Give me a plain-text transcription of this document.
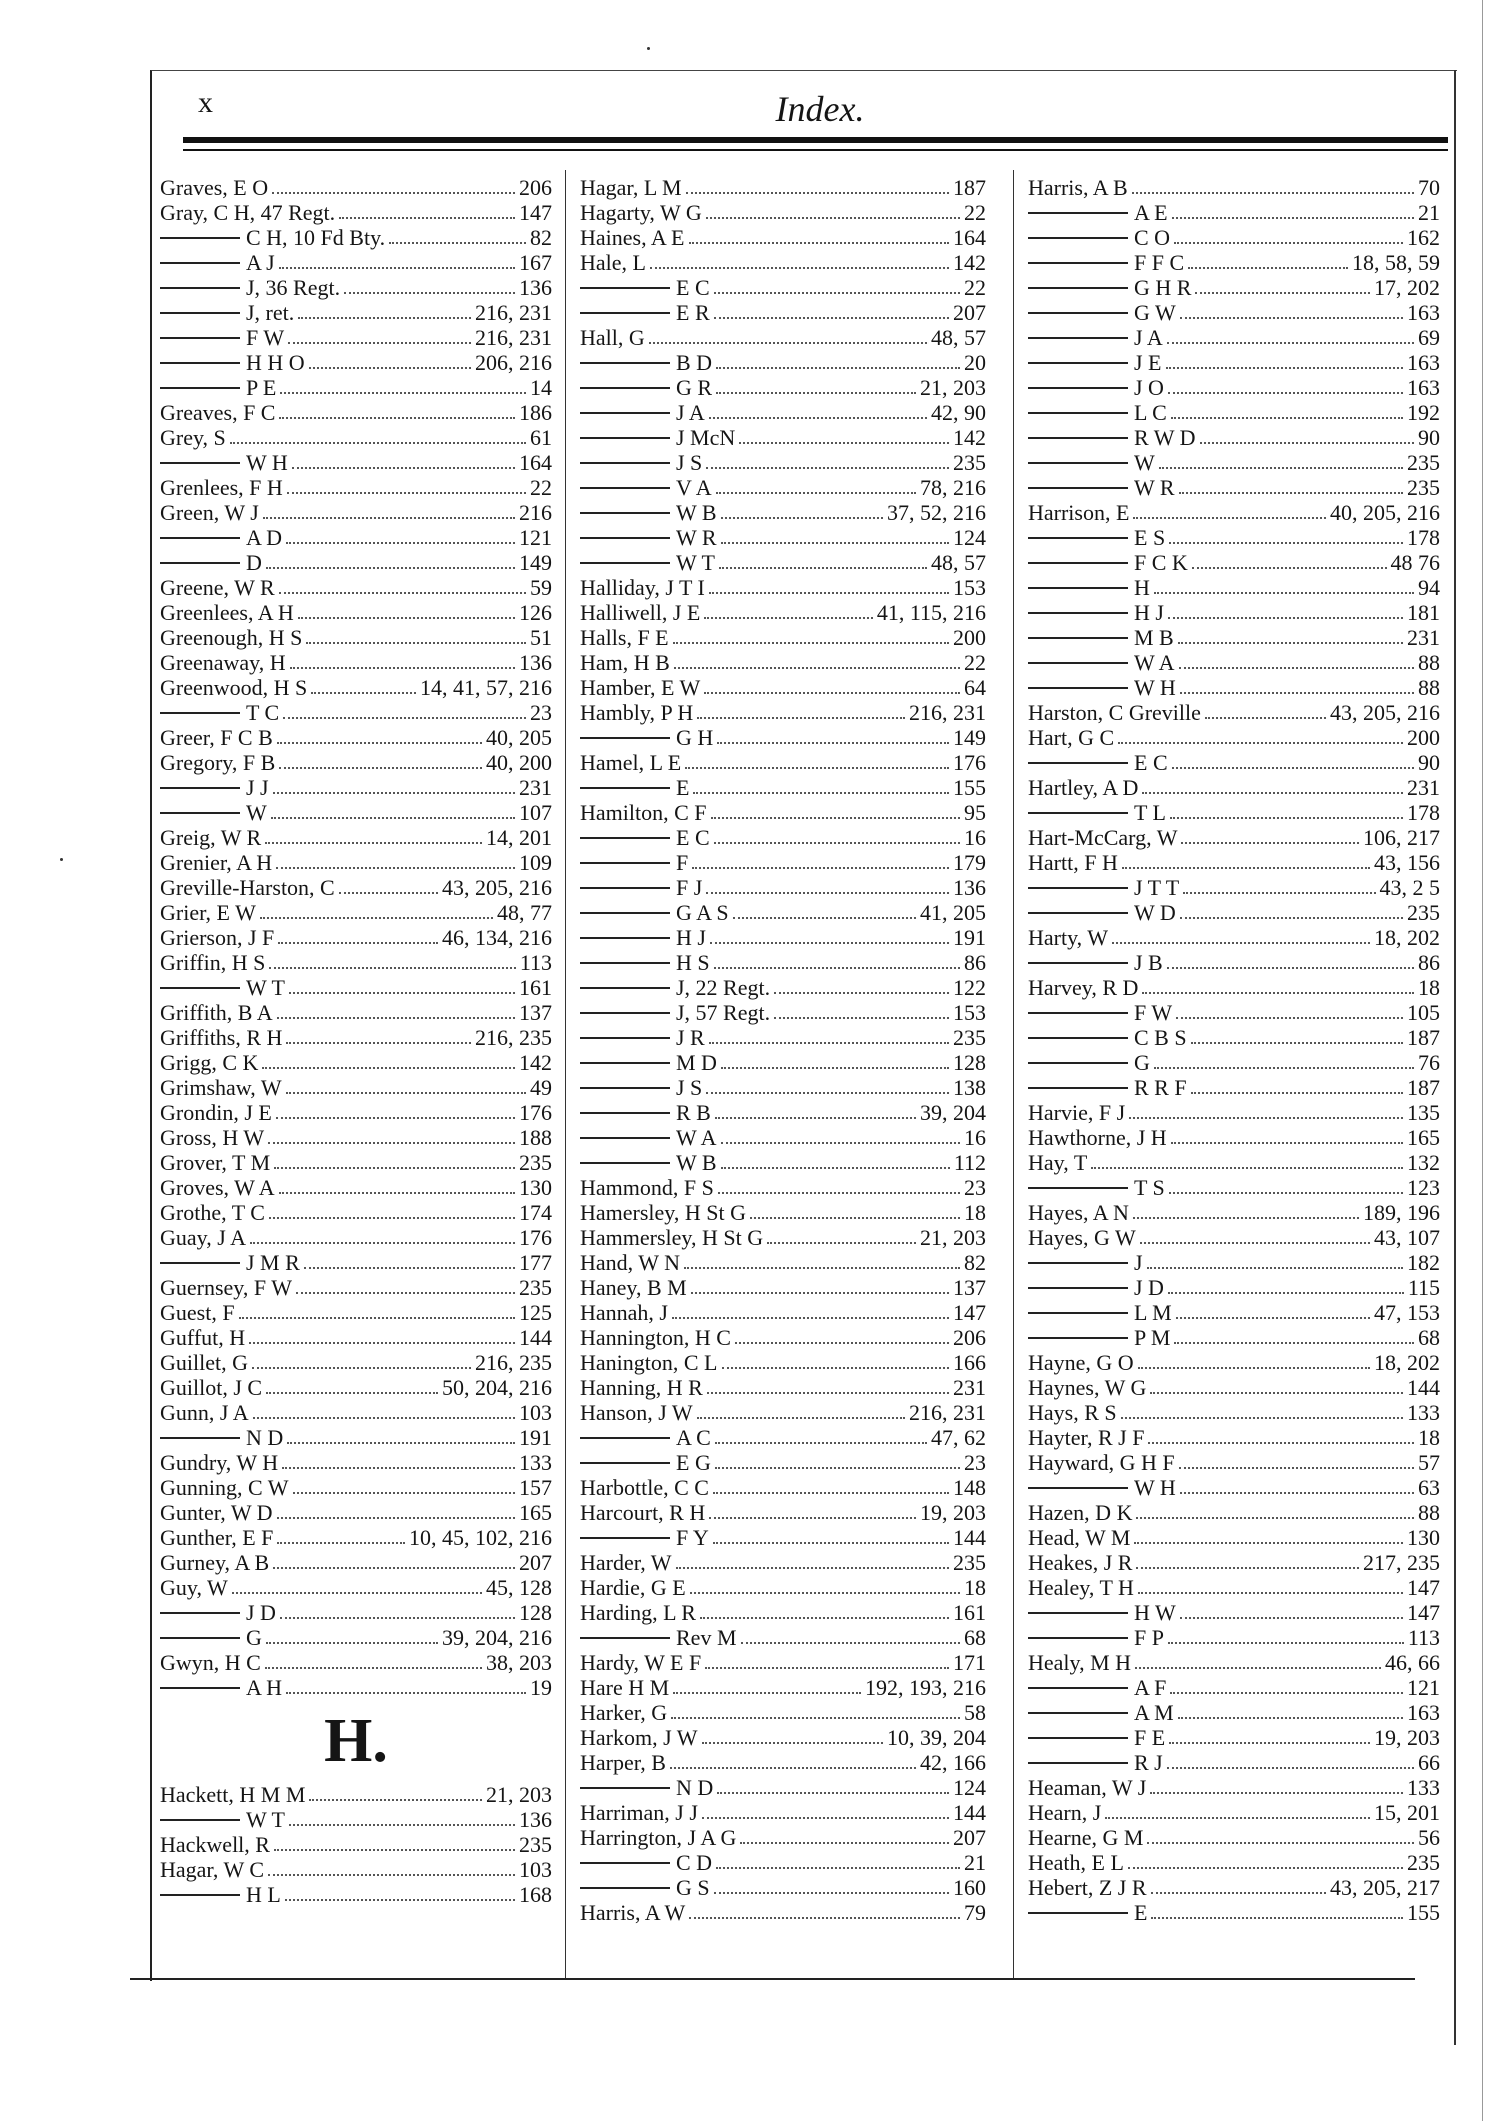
x	Index.
Graves, E O	206
Gray, C H, 47 Regt.	147
C H, 10 Fd Bty.	82
A J	167
J, 36 Regt.	136
J, ret.	216, 231
F W	216, 231
H H O	206, 216
P E	14
Greaves, F C	186
Grey, S	61
W H	164
Grenlees, F H	22
Green, W J	216
A D	121
D	149
Greene, W R	59
Greenlees, A H	126
Greenough, H S	51
Greenaway, H	136
Greenwood, H S	14, 41, 57, 216
T C	23
Greer, F C B	40, 205
Gregory, F B	40, 200
J J	231
W	107
Greig, W R	14, 201
Grenier, A H	109
Greville-Harston, C	43, 205, 216
Grier, E W	48, 77
Grierson, J F	46, 134, 216
Griffin, H S	113
W T	161
Griffith, B A	137
Griffiths, R H	216, 235
Grigg, C K	142
Grimshaw, W	49
Grondin, J E	176
Gross, H W	188
Grover, T M	235
Groves, W A	130
Grothe, T C	174
Guay, J A	176
J M R	177
Guernsey, F W	235
Guest, F	125
Guffut, H	144
Guillet, G	216, 235
Guillot, J C	50, 204, 216
Gunn, J A	103
N D	191
Gundry, W H	133
Gunning, C W	157
Gunter, W D	165
Gunther, E F	10, 45, 102, 216
Gurney, A B	207
Guy, W	45, 128
J D	128
G	39, 204, 216
Gwyn, H C	38, 203
A H	19
H.
Hackett, H M M	21, 203
W T	136
Hackwell, R	235
Hagar, W C	103
H L	168
Hagar, L M	187
Hagarty, W G	22
Haines, A E	164
Hale, L	142
E C	22
E R	207
Hall, G	48, 57
B D	20
G R	21, 203
J A	42, 90
J McN	142
J S	235
V A	78, 216
W B	37, 52, 216
W R	124
W T	48, 57
Halliday, J T I	153
Halliwell, J E	41, 115, 216
Halls, F E	200
Ham, H B	22
Hamber, E W	64
Hambly, P H	216, 231
G H	149
Hamel, L E	176
E	155
Hamilton, C F	95
E C	16
F	179
F J	136
G A S	41, 205
H J	191
H S	86
J, 22 Regt.	122
J, 57 Regt.	153
J R	235
M D	128
J S	138
R B	39, 204
W A	16
W B	112
Hammond, F S	23
Hamersley, H St G	18
Hammersley, H St G	21, 203
Hand, W N	82
Haney, B M	137
Hannah, J	147
Hannington, H C	206
Hanington, C L	166
Hanning, H R	231
Hanson, J W	216, 231
A C	47, 62
E G	23
Harbottle, C C	148
Harcourt, R H	19, 203
F Y	144
Harder, W	235
Hardie, G E	18
Harding, L R	161
Rev M	68
Hardy, W E F	171
Hare H M	192, 193, 216
Harker, G	58
Harkom, J W	10, 39, 204
Harper, B	42, 166
N D	124
Harriman, J J	144
Harrington, J A G	207
C D	21
G S	160
Harris, A W	79
Harris, A B	70
A E	21
C O	162
F F C	18, 58, 59
G H R	17, 202
G W	163
J A	69
J E	163
J O	163
L C	192
R W D	90
W	235
W R	235
Harrison, E	40, 205, 216
E S	178
F C K	48 76
H	94
H J	181
M B	231
W A	88
W H	88
Harston, C Greville	43, 205, 216
Hart, G C	200
E C	90
Hartley, A D	231
T L	178
Hart-McCarg, W	106, 217
Hartt, F H	43, 156
J T T	43, 2 5
W D	235
Harty, W	18, 202
J B	86
Harvey, R D	18
F W	105
C B S	187
G	76
R R F	187
Harvie, F J	135
Hawthorne, J H	165
Hay, T	132
T S	123
Hayes, A N	189, 196
Hayes, G W	43, 107
J	182
J D	115
L M	47, 153
P M	68
Hayne, G O	18, 202
Haynes, W G	144
Hays, R S	133
Hayter, R J F	18
Hayward, G H F	57
W H	63
Hazen, D K	88
Head, W M	130
Heakes, J R	217, 235
Healey, T H	147
H W	147
F P	113
Healy, M H	46, 66
A F	121
A M	163
F E	19, 203
R J	66
Heaman, W J	133
Hearn, J	15, 201
Hearne, G M	56
Heath, E L	235
Hebert, Z J R	43, 205, 217
E	155
